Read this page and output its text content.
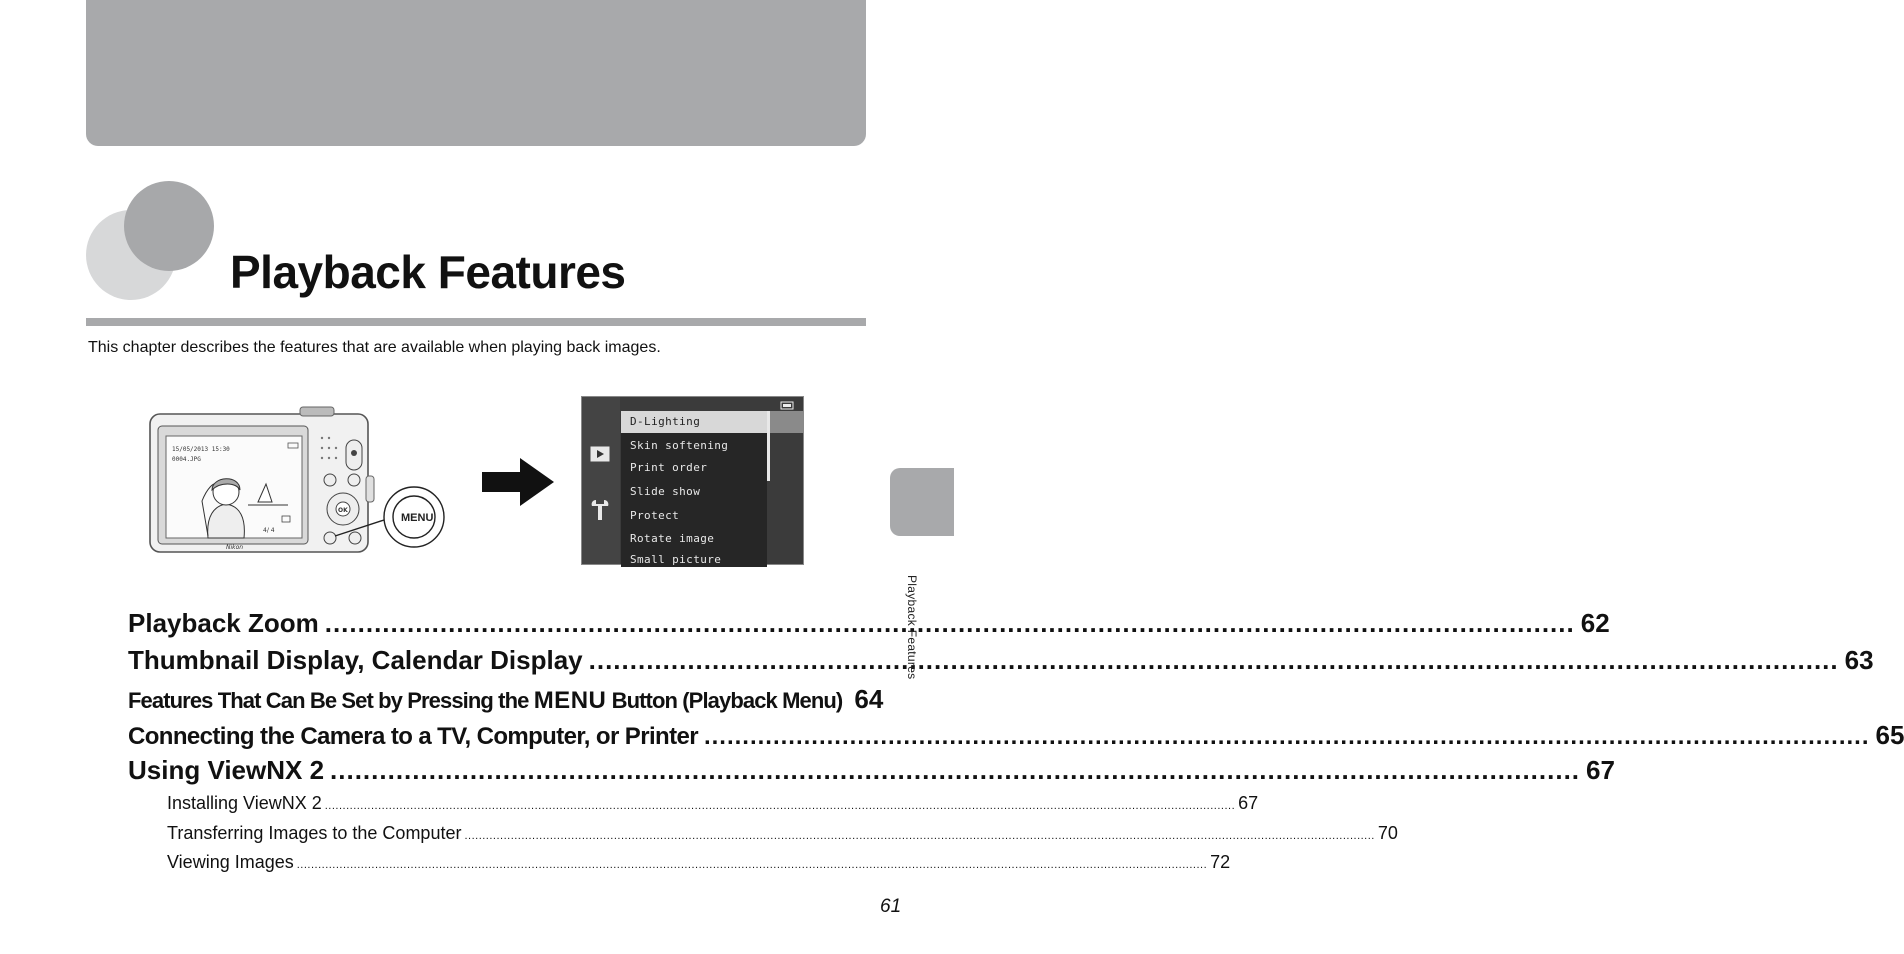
Playback Features
This chapter describes the features that are available when playing back images.
15/05/2013 15:30
0004.JPG
4/ 4
Nikon
OK
MENU
D-Lighting
Skin softening
Print order
Slide show
Protect
Rotate image
Small picture
Playback Zoom .....	62
Thumbnail Display, Calendar Display .....	63
Features That Can Be Set by Pressing the MENU Button (Playback Menu) 64
Connecting the Camera to a TV, Computer, or Printer .....	65
Using ViewNX 2 .....	67
Installing ViewNX 2 .....	67
Transferring Images to the Computer .....	70
Viewing Images .....	72
Playback Features
61
